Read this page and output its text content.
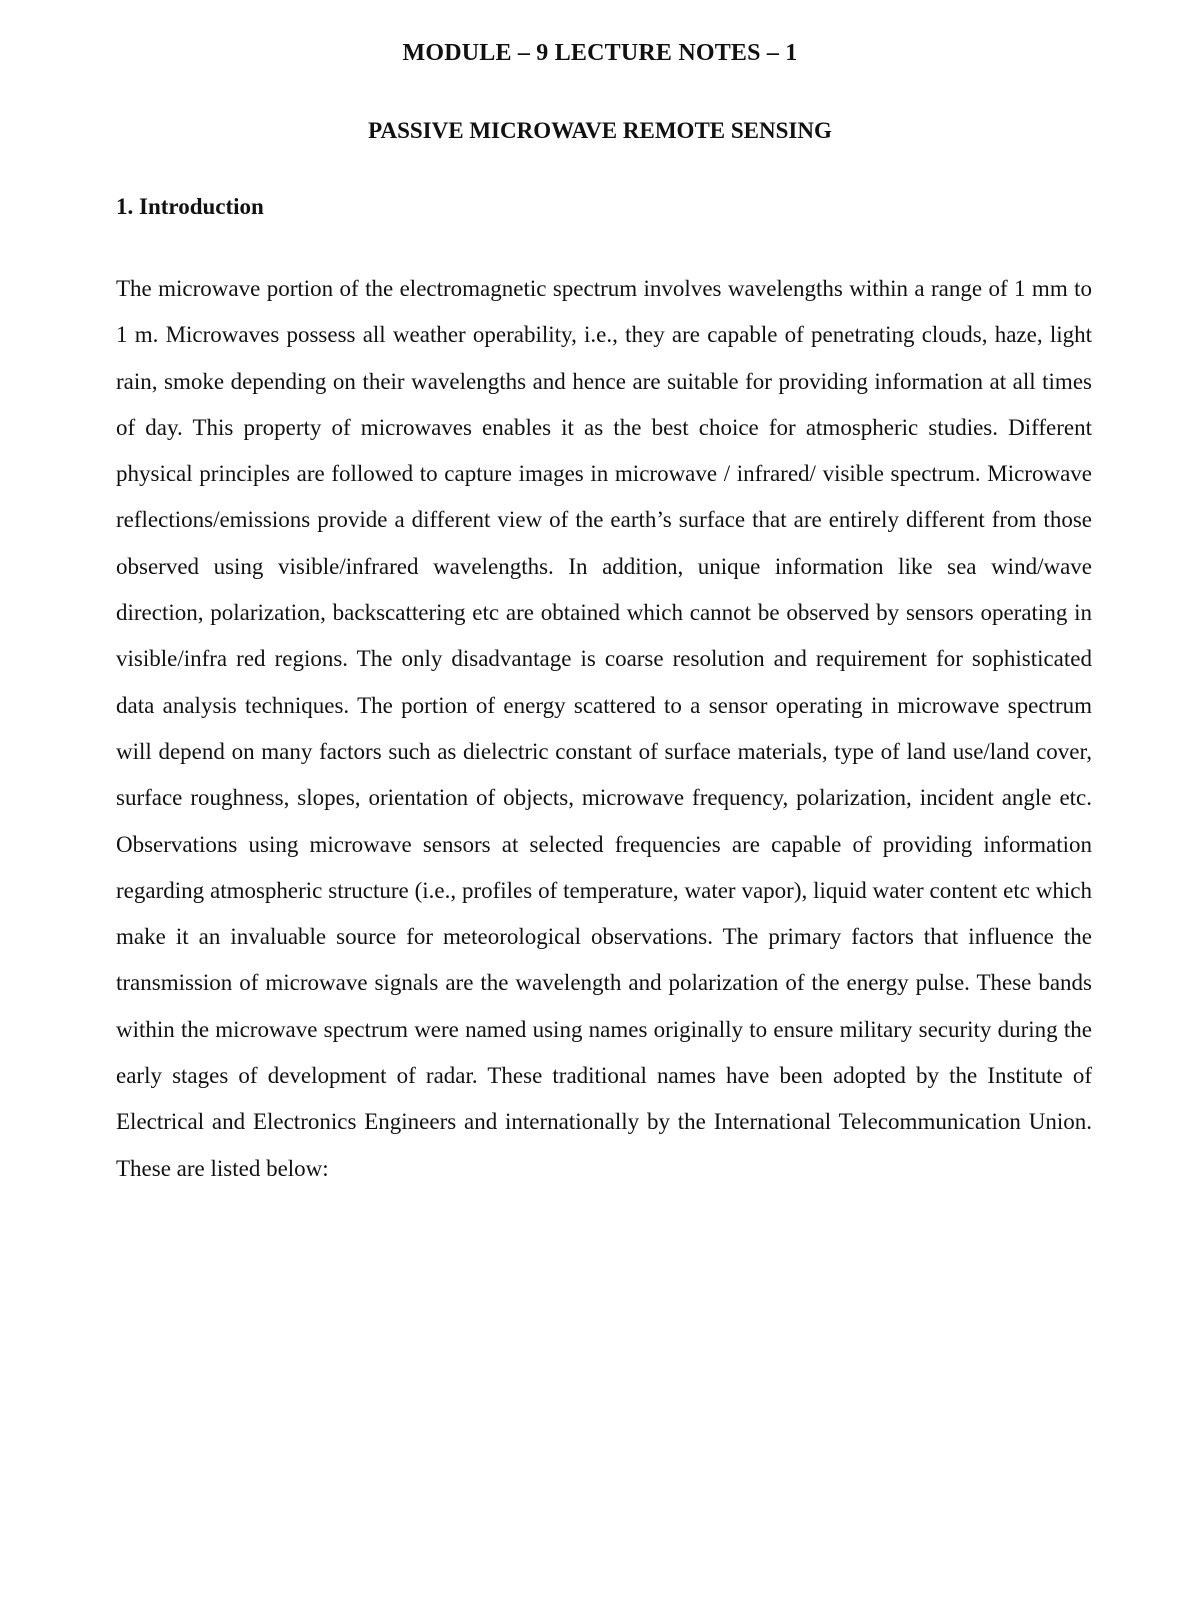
MODULE – 9 LECTURE NOTES – 1
PASSIVE MICROWAVE REMOTE SENSING
1. Introduction

The microwave portion of the electromagnetic spectrum involves wavelengths within a range of 1 mm to 1 m. Microwaves possess all weather operability, i.e., they are capable of penetrating clouds, haze, light rain, smoke depending on their wavelengths and hence are suitable for providing information at all times of day. This property of microwaves enables it as the best choice for atmospheric studies. Different physical principles are followed to capture images in microwave / infrared/ visible spectrum. Microwave reflections/emissions provide a different view of the earth’s surface that are entirely different from those observed using visible/infrared wavelengths. In addition, unique information like sea wind/wave direction, polarization, backscattering etc are obtained which cannot be observed by sensors operating in visible/infra red regions. The only disadvantage is coarse resolution and requirement for sophisticated data analysis techniques. The portion of energy scattered to a sensor operating in microwave spectrum will depend on many factors such as dielectric constant of surface materials, type of land use/land cover, surface roughness, slopes, orientation of objects, microwave frequency, polarization, incident angle etc. Observations using microwave sensors at selected frequencies are capable of providing information regarding atmospheric structure (i.e., profiles of temperature, water vapor), liquid water content etc which make it an invaluable source for meteorological observations. The primary factors that influence the transmission of microwave signals are the wavelength and polarization of the energy pulse. These bands within the microwave spectrum were named using names originally to ensure military security during the early stages of development of radar. These traditional names have been adopted by the Institute of Electrical and Electronics Engineers and internationally by the International Telecommunication Union. These are listed below:
